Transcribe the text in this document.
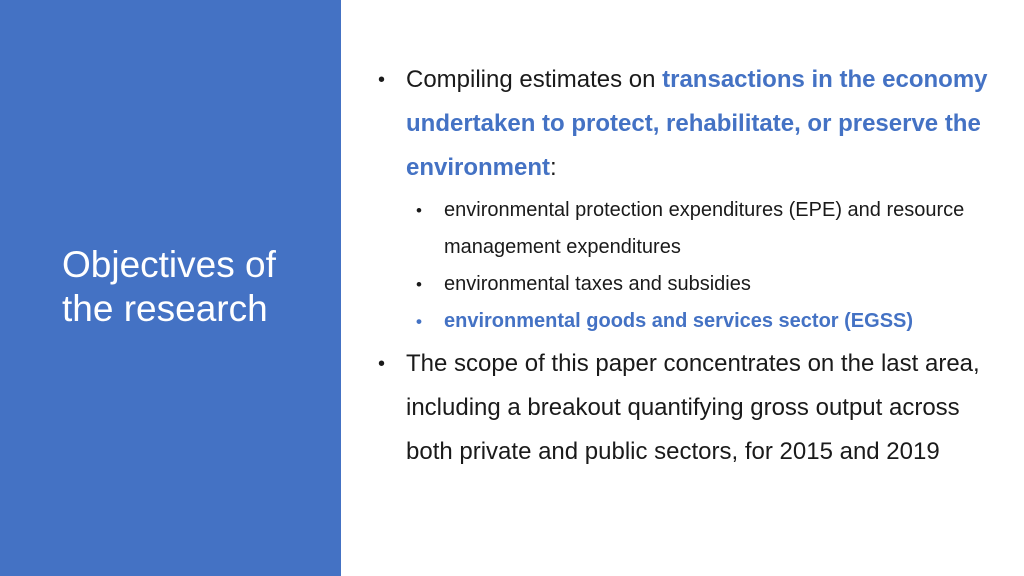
Objectives of
the research
• Compiling estimates on transactions in the economy undertaken to protect, rehabilitate, or preserve the environment:
• environmental protection expenditures (EPE) and resource management expenditures
• environmental taxes and subsidies
• environmental goods and services sector (EGSS)
• The scope of this paper concentrates on the last area, including a breakout quantifying gross output across both private and public sectors, for 2015 and 2019
